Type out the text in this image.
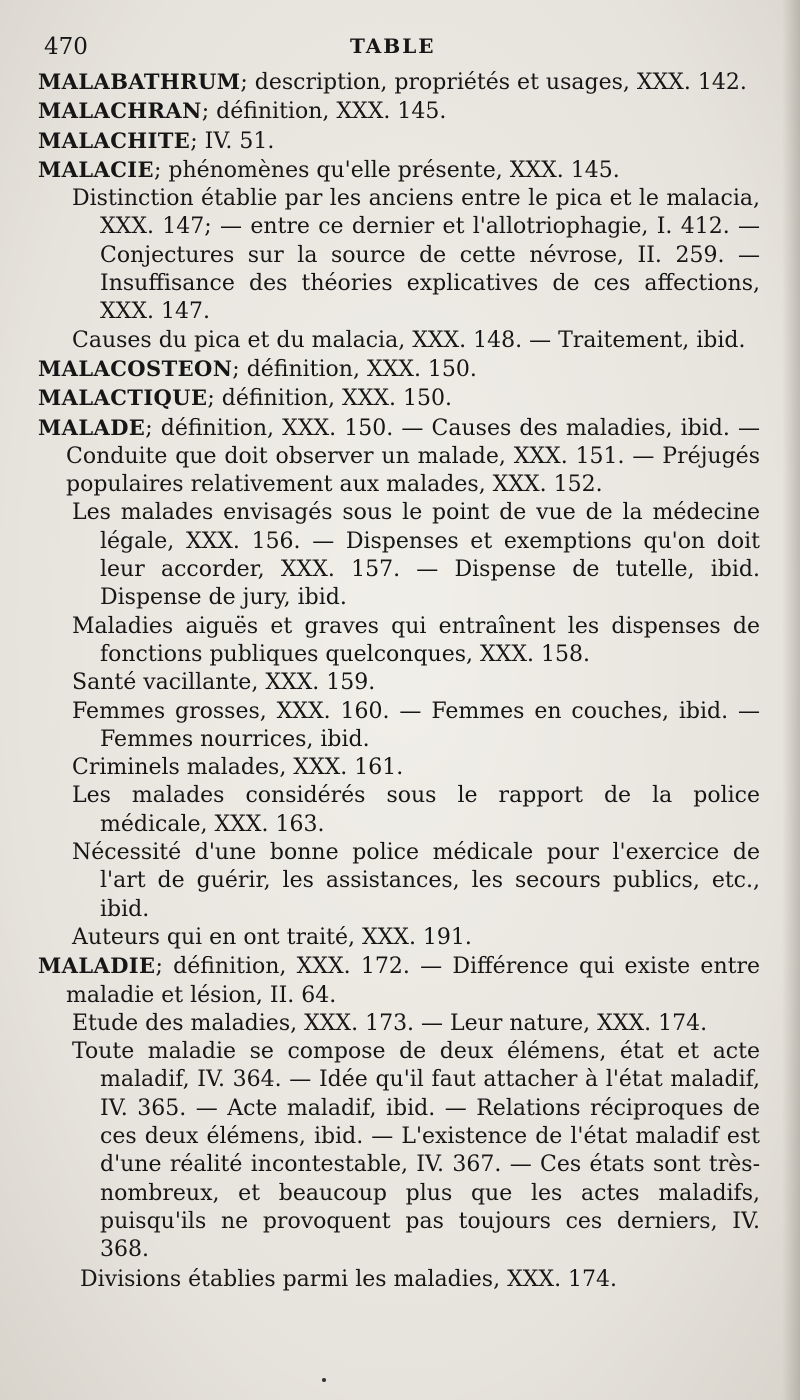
470	TABLE

MALABATHRUM; description, propriétés et usages, XXX. 142.

MALACHRAN; définition, XXX. 145.

MALACHITE; IV. 51.

MALACIE; phénomènes qu'elle présente, XXX. 145.

Distinction établie par les anciens entre le pica et le malacia, XXX. 147; — entre ce dernier et l'allotriophagie, I. 412. — Conjectures sur la source de cette névrose, II. 259. — Insuffisance des théories explicatives de ces affections, XXX. 147.

Causes du pica et du malacia, XXX. 148. — Traitement, ibid.

MALACOSTEON; définition, XXX. 150.

MALACTIQUE; définition, XXX. 150.

MALADE; définition, XXX. 150. — Causes des maladies, ibid. — Conduite que doit observer un malade, XXX. 151. — Préjugés populaires relativement aux malades, XXX. 152.

Les malades envisagés sous le point de vue de la médecine légale, XXX. 156. — Dispenses et exemptions qu'on doit leur accorder, XXX. 157. — Dispense de tutelle, ibid. Dispense de jury, ibid.

Maladies aiguës et graves qui entraînent les dispenses de fonctions publiques quelconques, XXX. 158.

Santé vacillante, XXX. 159.

Femmes grosses, XXX. 160. — Femmes en couches, ibid. — Femmes nourrices, ibid.

Criminels malades, XXX. 161.

Les malades considérés sous le rapport de la police médicale, XXX. 163.

Nécessité d'une bonne police médicale pour l'exercice de l'art de guérir, les assistances, les secours publics, etc., ibid.

Auteurs qui en ont traité, XXX. 191.

MALADIE; définition, XXX. 172. — Différence qui existe entre maladie et lésion, II. 64.

Etude des maladies, XXX. 173. — Leur nature, XXX. 174.

Toute maladie se compose de deux élémens, état et acte maladif, IV. 364. — Idée qu'il faut attacher à l'état maladif, IV. 365. — Acte maladif, ibid. — Relations réciproques de ces deux élémens, ibid. — L'existence de l'état maladif est d'une réalité incontestable, IV. 367. — Ces états sont très-nombreux, et beaucoup plus que les actes maladifs, puisqu'ils ne provoquent pas toujours ces derniers, IV. 368.

Divisions établies parmi les maladies, XXX. 174.
